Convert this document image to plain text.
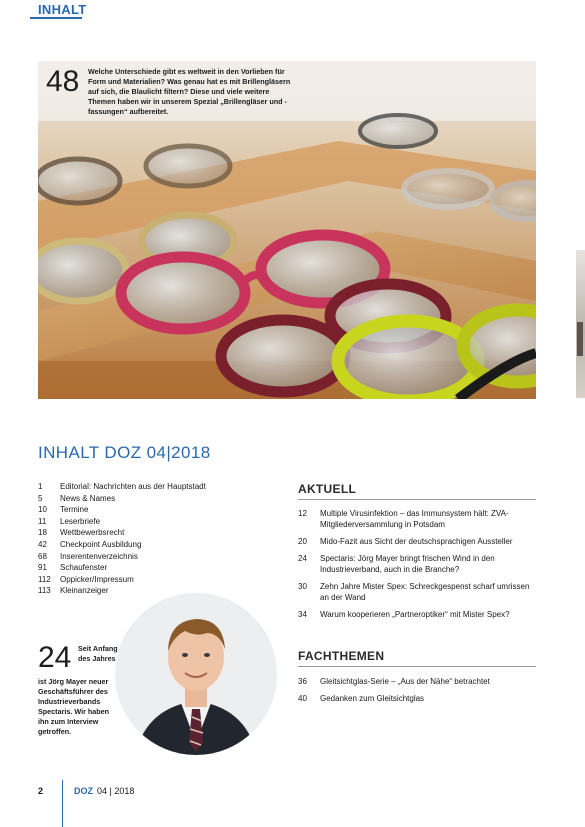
INHALT
48 Welche Unterschiede gibt es weltweit in den Vorlieben für Form und Materialien? Was genau hat es mit Brillengläsern auf sich, die Blaulicht filtern? Diese und viele weitere Themen haben wir in unserem Spezial „Brillengläser und -fassungen“ aufbereitet.
INHALT DOZ 04|2018
1 Editorial: Nachrichten aus der Hauptstadt
5 News & Names
10 Termine
11 Leserbriefe
18 Wettbewerbsrecht
42 Checkpoint Ausbildung
68 Inserentenverzeichnis
91 Schaufenster
112 Oppicker/Impressum
113 Kleinanzeiger
AKTUELL
12	Multiple Virusinfektion – das Immunsystem hält: ZVA-Mitgliederversammlung in Potsdam
20	Mido-Fazit aus Sicht der deutschsprachigen Aussteller
24	Spectaris: Jörg Mayer bringt frischen Wind in den Industrieverband, auch in die Branche?
30	Zehn Jahre Mister Spex: Schreckgespenst scharf umrissen an der Wand
34	Warum kooperieren „Partneroptiker“ mit Mister Spex?
FACHTHEMEN
36	Gleitsichtglas-Serie – „Aus der Nähe“ betrachtet
40	Gedanken zum Gleitsichtglas
24 Seit Anfang des Jahres
ist Jörg Mayer neuer Geschäftsführer des Industrieverbands Spectaris. Wir haben ihn zum Interview getroffen.
2	DOZ 04 | 2018
